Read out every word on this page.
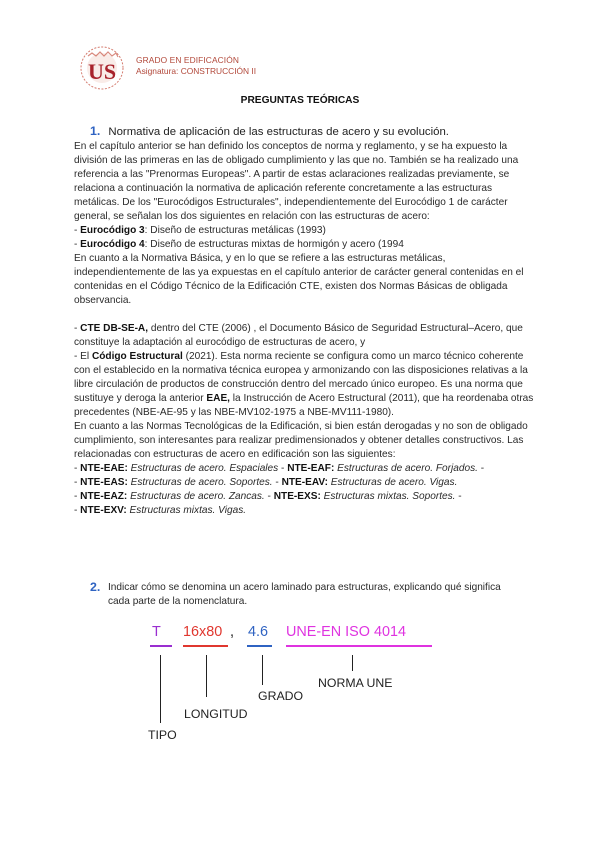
US GRADO EN EDIFICACIÓN
Asignatura: CONSTRUCCIÓN II
PREGUNTAS TEÓRICAS
1. Normativa de aplicación de las estructuras de acero y su evolución.

En el capítulo anterior se han definido los conceptos de norma y reglamento, y se ha expuesto la división de las primeras en las de obligado cumplimiento y las que no. También se ha realizado una referencia a las "Prenormas Europeas". A partir de estas aclaraciones realizadas previamente, se relaciona a continuación la normativa de aplicación referente concretamente a las estructuras metálicas. De los "Eurocódigos Estructurales", independientemente del Eurocódigo 1 de carácter general, se señalan los dos siguientes en relación con las estructuras de acero:

- Eurocódigo 3: Diseño de estructuras metálicas (1993)

- Eurocódigo 4: Diseño de estructuras mixtas de hormigón y acero (1994

En cuanto a la Normativa Básica, y en lo que se refiere a las estructuras metálicas, independientemente de las ya expuestas en el capítulo anterior de carácter general contenidas en el contenidas en el Código Técnico de la Edificación CTE, existen dos Normas Básicas de obligada observancia.

- CTE DB-SE-A, dentro del CTE (2006) , el Documento Básico de Seguridad Estructural–Acero, que constituye la adaptación al eurocódigo de estructuras de acero, y

- El Código Estructural (2021). Esta norma reciente se configura como un marco técnico coherente con el establecido en la normativa técnica europea y armonizando con las disposiciones relativas a la libre circulación de productos de construcción dentro del mercado único europeo. Es una norma que sustituye y deroga la anterior EAE, la Instrucción de Acero Estructural (2011), que ha reordenaba otras precedentes (NBE-AE-95 y las NBE-MV102-1975 a NBE-MV111-1980).

En cuanto a las Normas Tecnológicas de la Edificación, si bien están derogadas y no son de obligado cumplimiento, son interesantes para realizar predimensionados y obtener detalles constructivos. Las relacionadas con estructuras de acero en edificación son las siguientes:

- NTE-EAE: Estructuras de acero. Espaciales - NTE-EAF: Estructuras de acero. Forjados. -
- NTE-EAS: Estructuras de acero. Soportes. - NTE-EAV: Estructuras de acero. Vigas.
- NTE-EAZ: Estructuras de acero. Zancas. - NTE-EXS: Estructuras mixtas. Soportes. -
- NTE-EXV: Estructuras mixtas. Vigas.

2. Indicar cómo se denomina un acero laminado para estructuras, explicando qué significa cada parte de la nomenclatura.
T 16x80 , 4.6 UNE-EN ISO 4014
TIPO
LONGITUD
GRADO
NORMA UNE
